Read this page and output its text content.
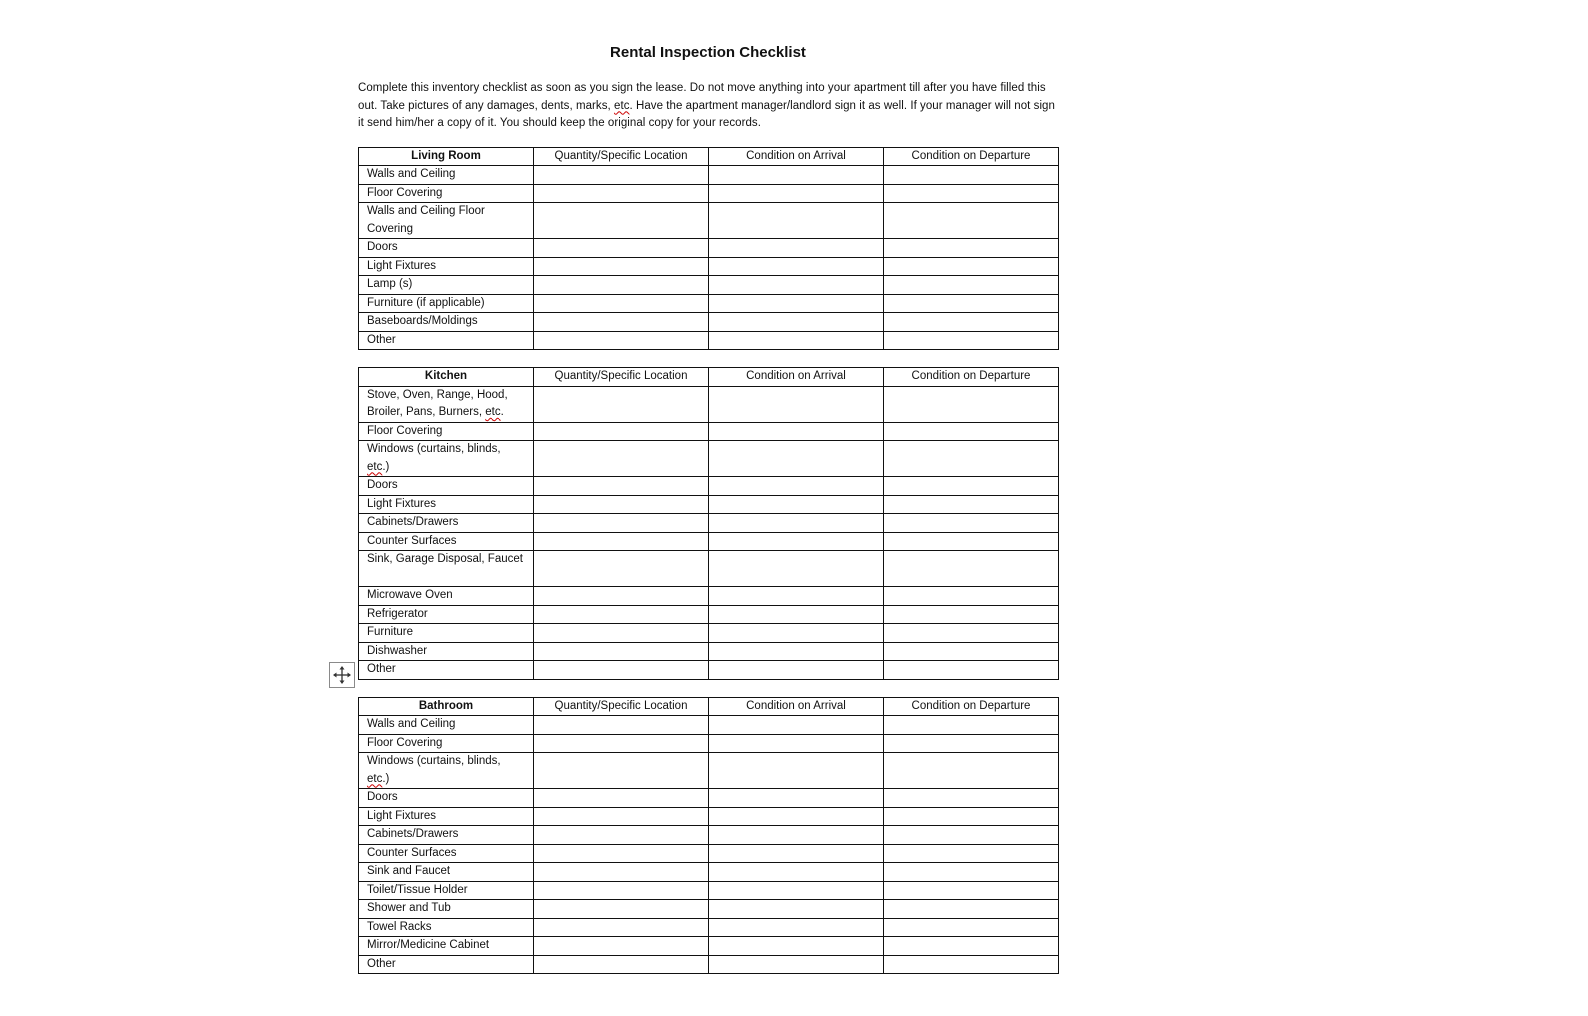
Rental Inspection Checklist

Complete this inventory checklist as soon as you sign the lease. Do not move anything into your apartment till after you have filled this out. Take pictures of any damages, dents, marks, etc. Have the apartment manager/landlord sign it as well. If your manager will not sign it send him/her a copy of it. You should keep the original copy for your records.

Living Room	Quantity/Specific Location	Condition on Arrival	Condition on Departure
Walls and Ceiling			
Floor Covering			
Walls and Ceiling Floor Covering			
Doors			
Light Fixtures			
Lamp (s)			
Furniture (if applicable)			
Baseboards/Moldings			
Other			
Kitchen	Quantity/Specific Location	Condition on Arrival	Condition on Departure
Stove, Oven, Range, Hood, Broiler, Pans, Burners, etc.			
Floor Covering			
Windows (curtains, blinds, etc.)			
Doors			
Light Fixtures			
Cabinets/Drawers			
Counter Surfaces			
Sink, Garage Disposal, Faucet			
Microwave Oven			
Refrigerator			
Furniture			
Dishwasher			
Other			
Bathroom	Quantity/Specific Location	Condition on Arrival	Condition on Departure
Walls and Ceiling			
Floor Covering			
Windows (curtains, blinds, etc.)			
Doors			
Light Fixtures			
Cabinets/Drawers			
Counter Surfaces			
Sink and Faucet			
Toilet/Tissue Holder			
Shower and Tub			
Towel Racks			
Mirror/Medicine Cabinet			
Other			
